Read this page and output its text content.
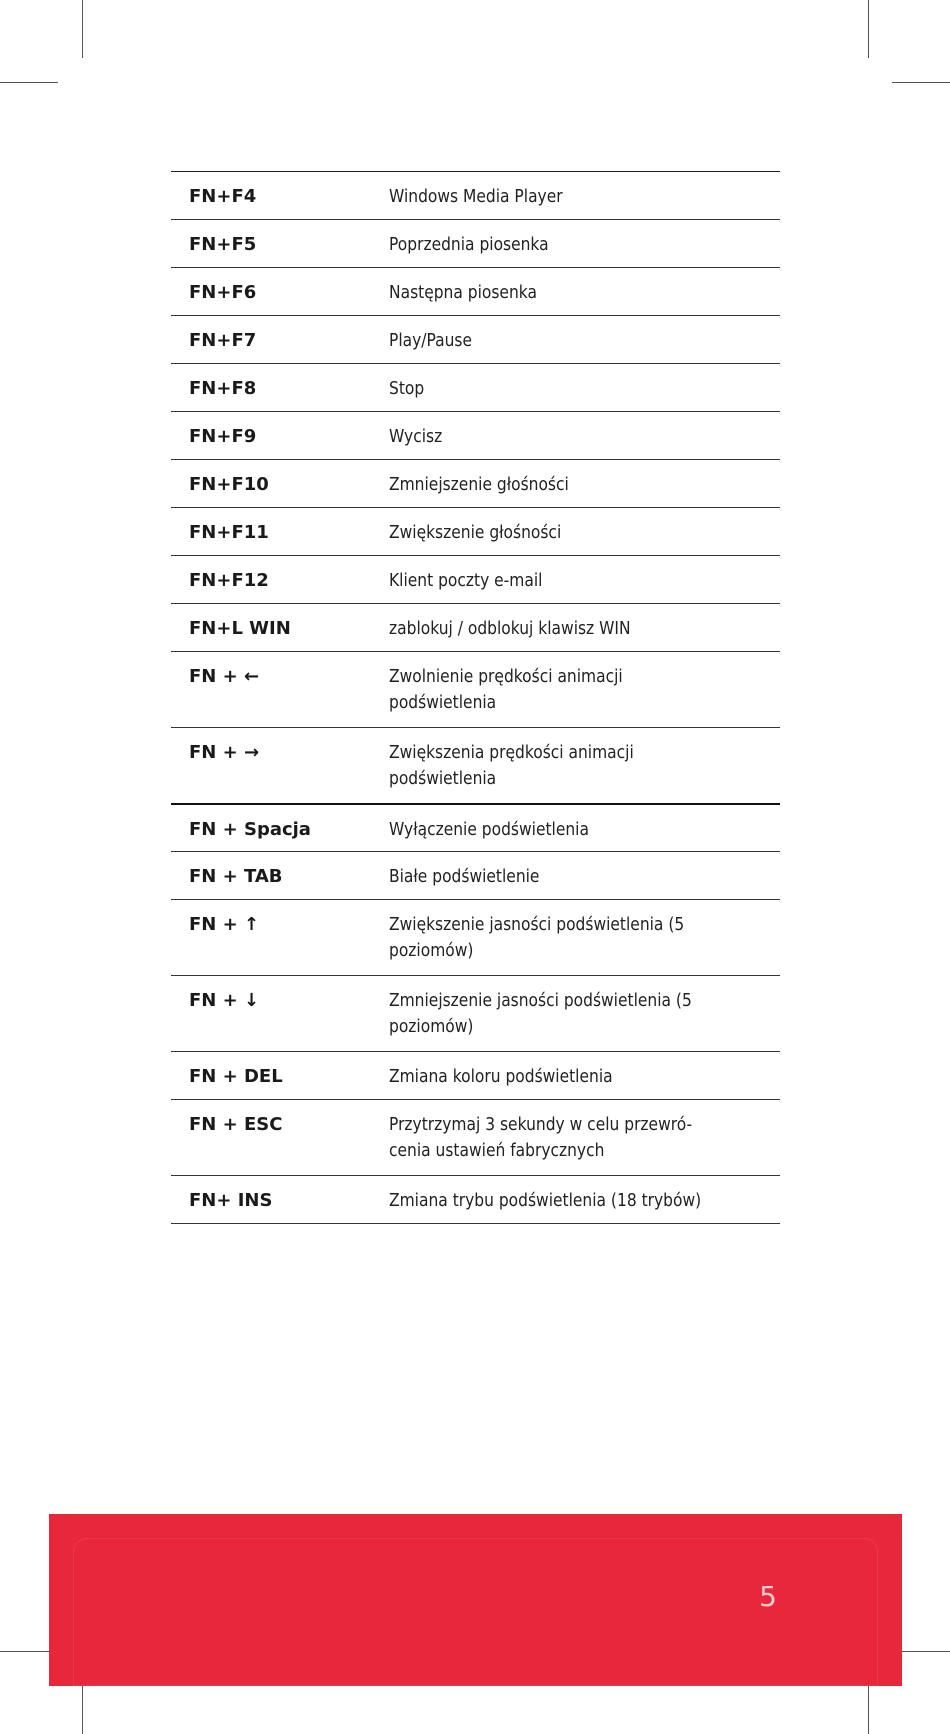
FN+F4	Windows Media Player
FN+F5	Poprzednia piosenka
FN+F6	Następna piosenka
FN+F7	Play/Pause
FN+F8	Stop
FN+F9	Wycisz
FN+F10	Zmniejszenie głośności
FN+F11	Zwiększenie głośności
FN+F12	Klient poczty e-mail
FN+L WIN	zablokuj / odblokuj klawisz WIN
FN + ←	Zwolnienie prędkości animacji
podświetlenia
FN + →	Zwiększenia prędkości animacji
podświetlenia
FN + Spacja	Wyłączenie podświetlenia
FN + TAB	Białe podświetlenie
FN + ↑	Zwiększenie jasności podświetlenia (5
poziomów)
FN + ↓	Zmniejszenie jasności podświetlenia (5
poziomów)
FN + DEL	Zmiana koloru podświetlenia
FN + ESC	Przytrzymaj 3 sekundy w celu przewró-
cenia ustawień fabrycznych
FN+ INS	Zmiana trybu podświetlenia (18 trybów)
5
